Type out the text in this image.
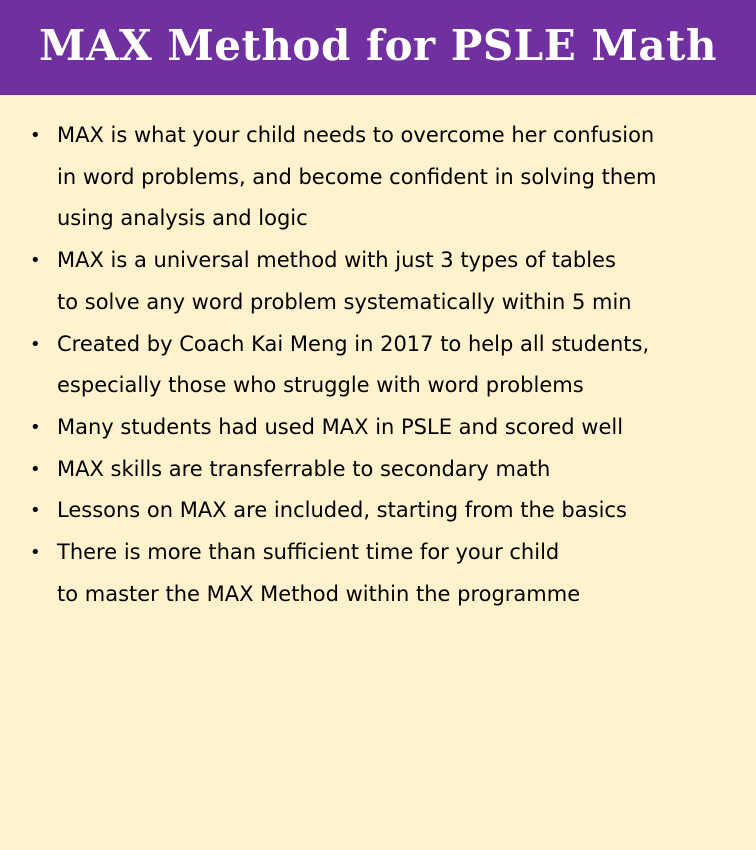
MAX Method for PSLE Math
• MAX is what your child needs to overcome her confusion
in word problems, and become confident in solving them
using analysis and logic
• MAX is a universal method with just 3 types of tables
to solve any word problem systematically within 5 min
• Created by Coach Kai Meng in 2017 to help all students,
especially those who struggle with word problems
• Many students had used MAX in PSLE and scored well
• MAX skills are transferrable to secondary math
• Lessons on MAX are included, starting from the basics
• There is more than sufficient time for your child
to master the MAX Method within the programme
